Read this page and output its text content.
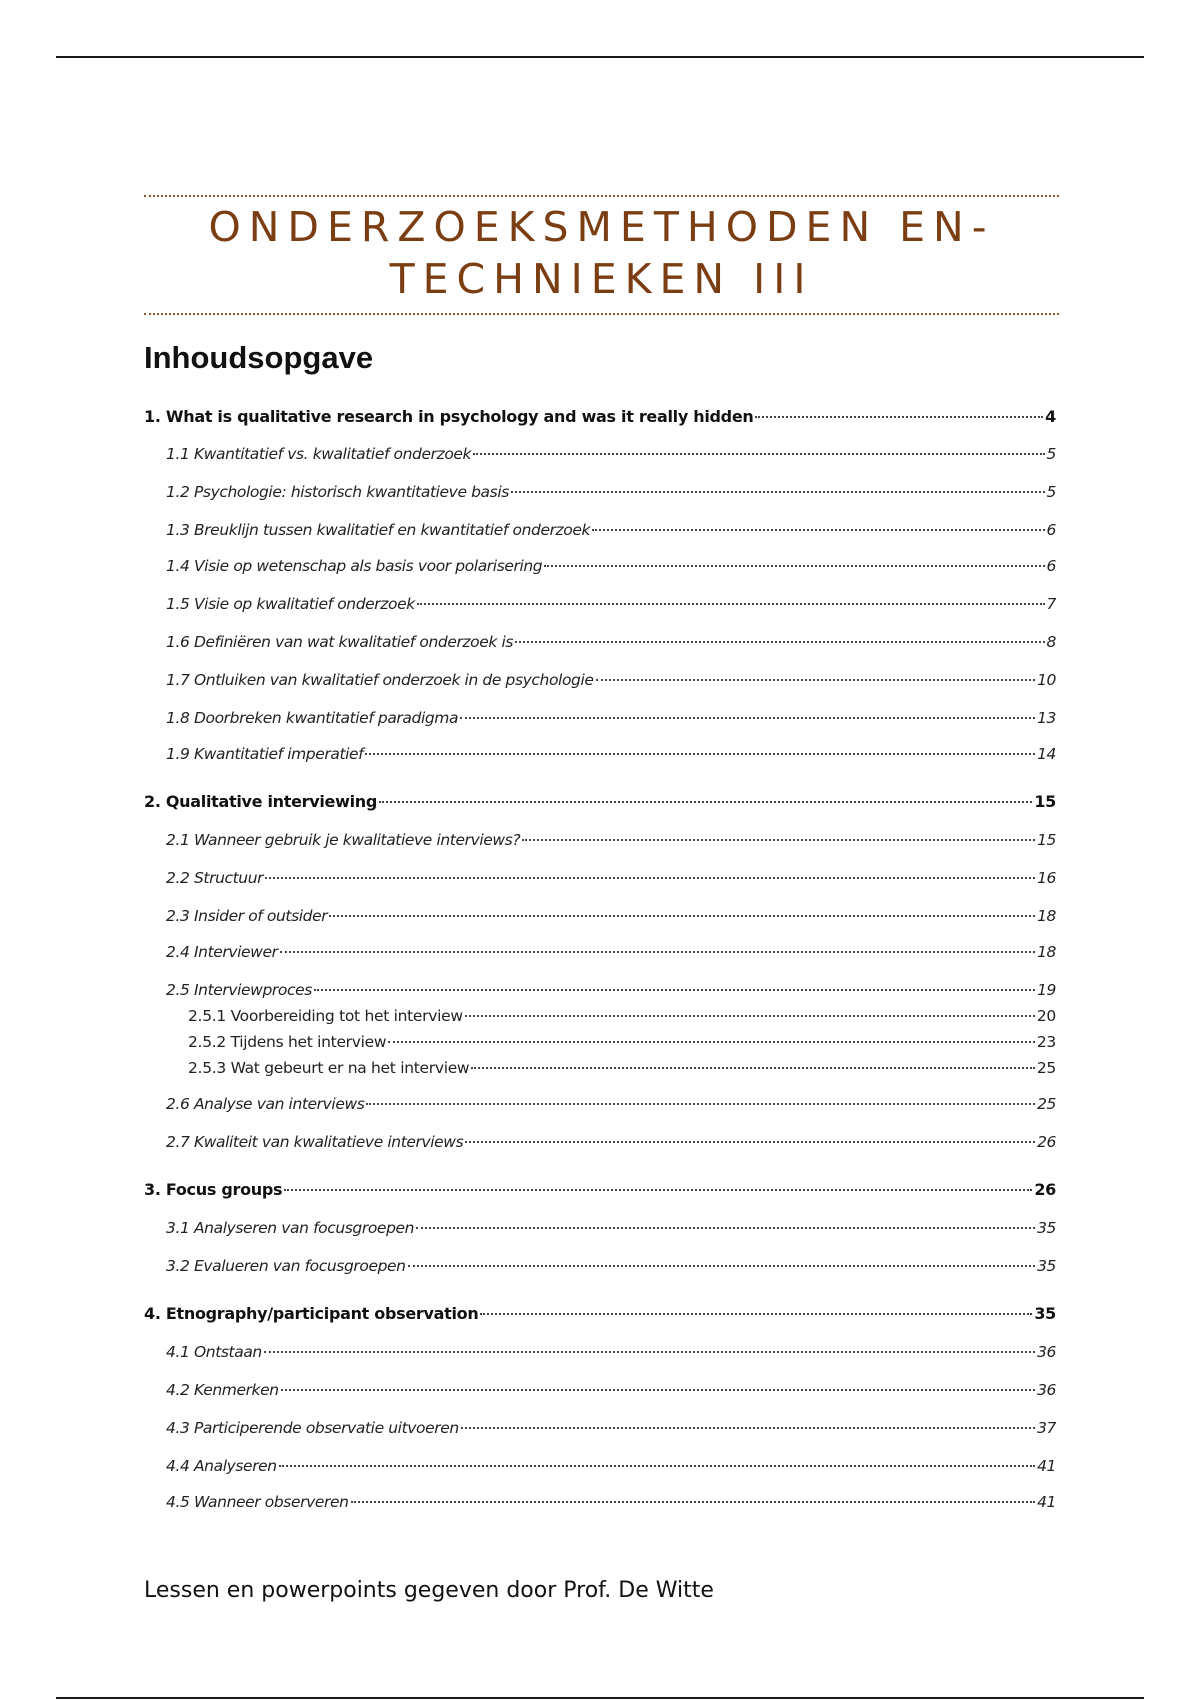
ONDERZOEKSMETHODEN EN-
TECHNIEKEN III
Inhoudsopgave
1. What is qualitative research in psychology and was it really hidden	4
1.1 Kwantitatief vs. kwalitatief onderzoek	5
1.2 Psychologie: historisch kwantitatieve basis	5
1.3 Breuklijn tussen kwalitatief en kwantitatief onderzoek	6
1.4 Visie op wetenschap als basis voor polarisering	6
1.5 Visie op kwalitatief onderzoek	7
1.6 Definiëren van wat kwalitatief onderzoek is	8
1.7 Ontluiken van kwalitatief onderzoek in de psychologie	10
1.8 Doorbreken kwantitatief paradigma	13
1.9 Kwantitatief imperatief	14
2. Qualitative interviewing	15
2.1 Wanneer gebruik je kwalitatieve interviews?	15
2.2 Structuur	16
2.3 Insider of outsider	18
2.4 Interviewer	18
2.5 Interviewproces	19
2.5.1 Voorbereiding tot het interview	20
2.5.2 Tijdens het interview	23
2.5.3 Wat gebeurt er na het interview	25
2.6 Analyse van interviews	25
2.7 Kwaliteit van kwalitatieve interviews	26
3. Focus groups	26
3.1 Analyseren van focusgroepen	35
3.2 Evalueren van focusgroepen	35
4. Etnography/participant observation	35
4.1 Ontstaan	36
4.2 Kenmerken	36
4.3 Participerende observatie uitvoeren	37
4.4 Analyseren	41
4.5 Wanneer observeren	41

Lessen en powerpoints gegeven door Prof. De Witte
